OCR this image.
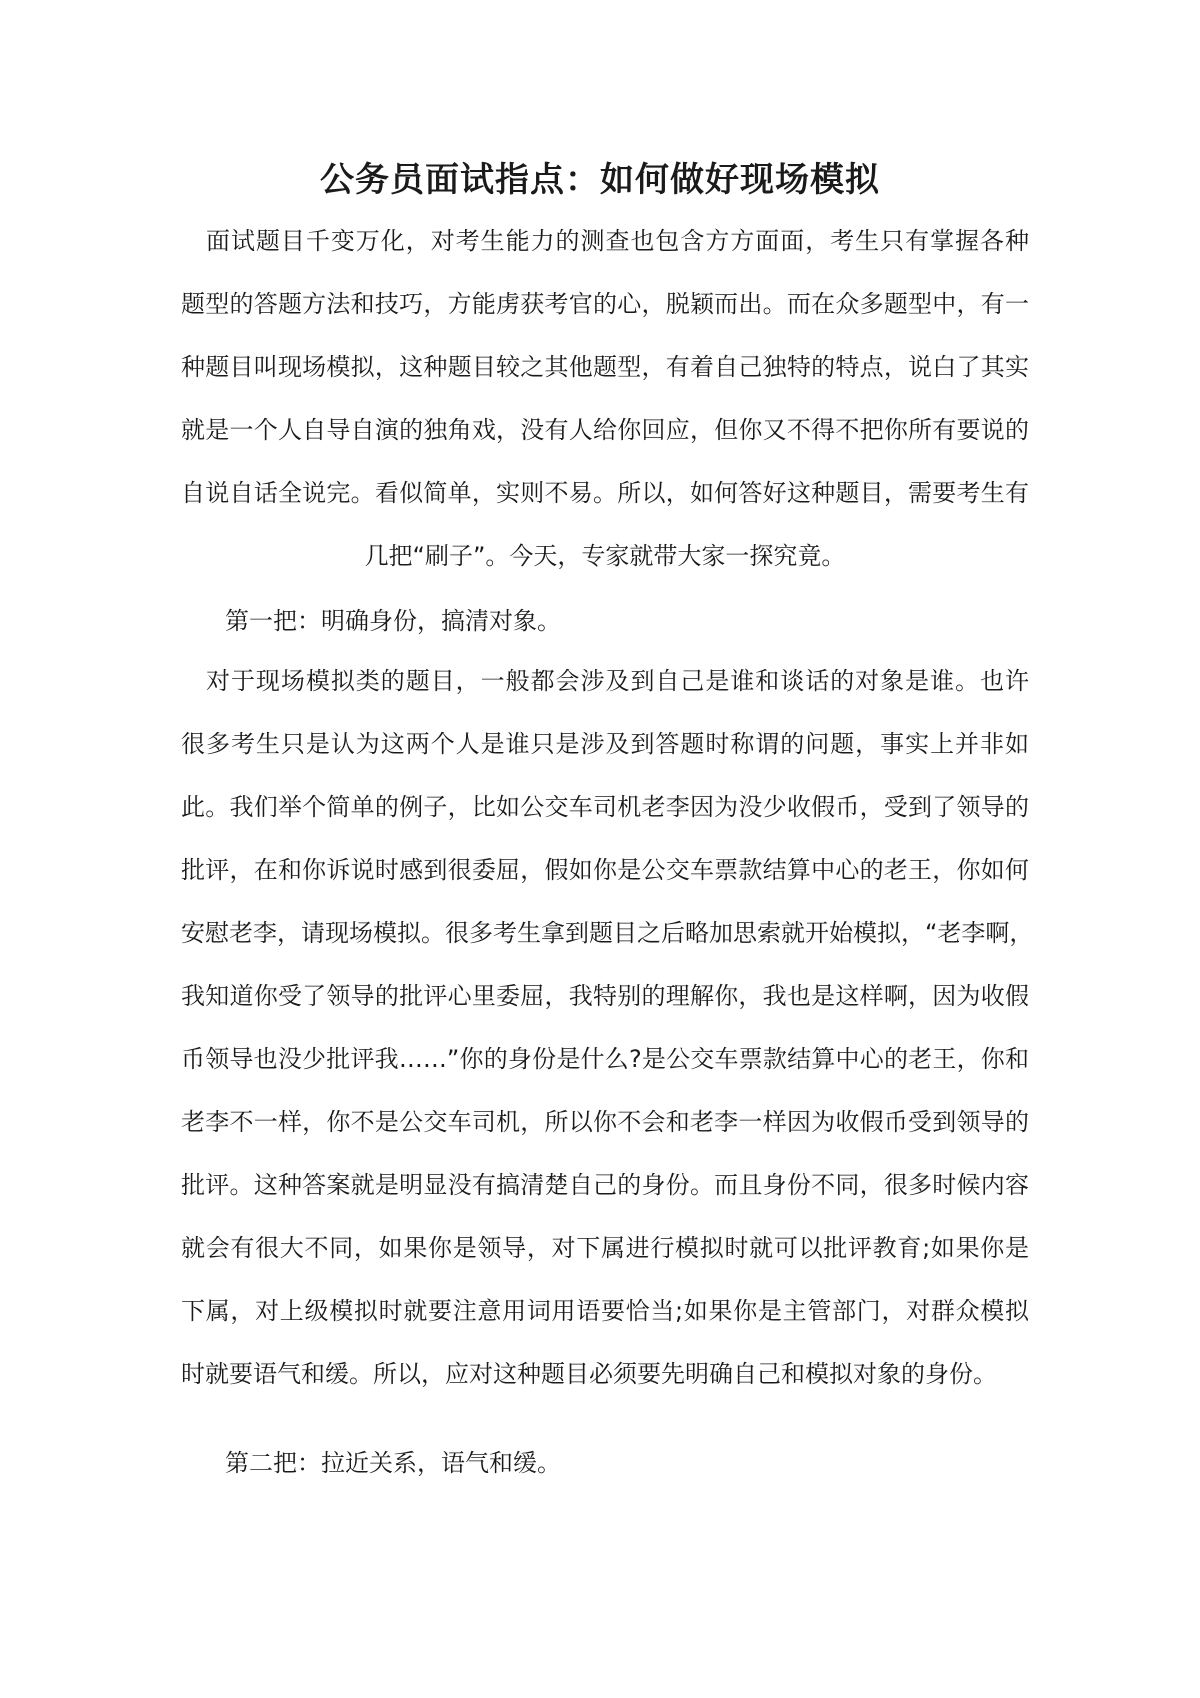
公务员面试指点：如何做好现场模拟
　面试题目千变万化，对考生能力的测查也包含方方面面，考生只有掌握各种
题型的答题方法和技巧，方能虏获考官的心，脱颖而出。而在众多题型中，有一
种题目叫现场模拟，这种题目较之其他题型，有着自己独特的特点，说白了其实
就是一个人自导自演的独角戏，没有人给你回应，但你又不得不把你所有要说的
自说自话全说完。看似简单，实则不易。所以，如何答好这种题目，需要考生有
几把“刷子”。今天，专家就带大家一探究竟。
第一把：明确身份，搞清对象。
　对于现场模拟类的题目，一般都会涉及到自己是谁和谈话的对象是谁。也许
很多考生只是认为这两个人是谁只是涉及到答题时称谓的问题，事实上并非如
此。我们举个简单的例子，比如公交车司机老李因为没少收假币，受到了领导的
批评，在和你诉说时感到很委屈，假如你是公交车票款结算中心的老王，你如何
安慰老李，请现场模拟。很多考生拿到题目之后略加思索就开始模拟，“老李啊，
我知道你受了领导的批评心里委屈，我特别的理解你，我也是这样啊，因为收假
币领导也没少批评我……”你的身份是什么?是公交车票款结算中心的老王，你和
老李不一样，你不是公交车司机，所以你不会和老李一样因为收假币受到领导的
批评。这种答案就是明显没有搞清楚自己的身份。而且身份不同，很多时候内容
就会有很大不同，如果你是领导，对下属进行模拟时就可以批评教育;如果你是
下属，对上级模拟时就要注意用词用语要恰当;如果你是主管部门，对群众模拟
时就要语气和缓。所以，应对这种题目必须要先明确自己和模拟对象的身份。
第二把：拉近关系，语气和缓。
